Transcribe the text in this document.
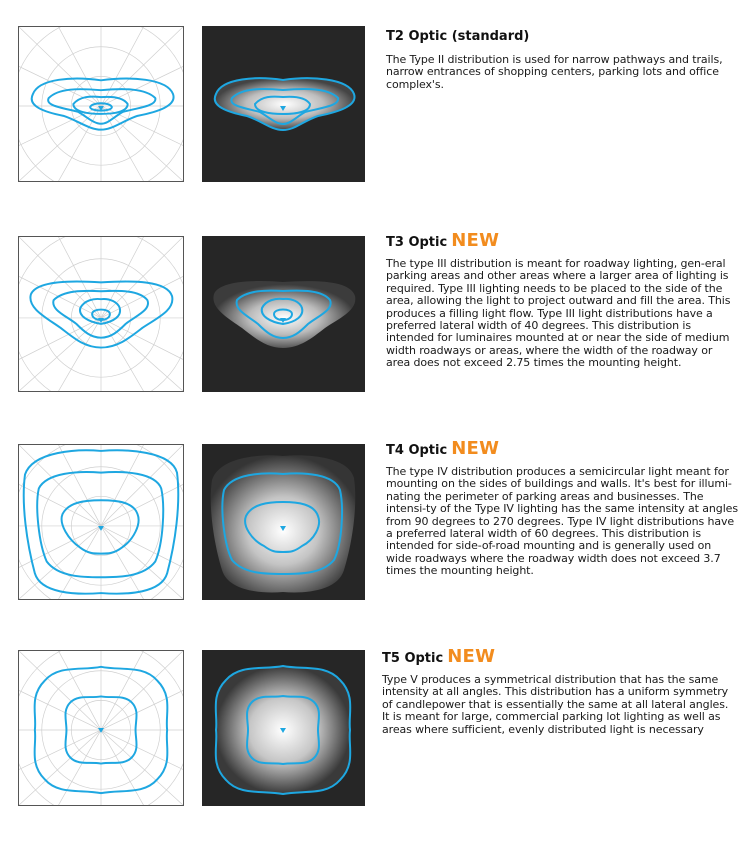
T2 Optic (standard)

The Type II distribution is used for narrow pathways and trails, narrow entrances of shopping centers, parking lots and office complex's.

T3 Optic NEW

The type III distribution is meant for roadway lighting, gen-eral parking areas and other areas where a larger area of lighting is required. Type III lighting needs to be placed to the side of the area, allowing the light to project outward and fill the area. This produces a filling light flow. Type III light distributions have a preferred lateral width of 40 degrees. This distribution is intended for luminaires mounted at or near the side of medium width roadways or areas, where the width of the roadway or area does not exceed 2.75 times the mounting height.

T4 Optic NEW

The type IV distribution produces a semicircular light meant for mounting on the sides of buildings and walls. It's best for illumi-nating the perimeter of parking areas and businesses. The intensi-ty of the Type IV lighting has the same intensity at angles from 90 degrees to 270 degrees. Type IV light distributions have a preferred lateral width of 60 degrees. This distribution is intended for side-of-road mounting and is generally used on wide roadways where the roadway width does not exceed 3.7 times the mounting height.

T5 Optic NEW

Type V produces a symmetrical distribution that has the same intensity at all angles. This distribution has a uniform symmetry of candlepower that is essentially the same at all lateral angles. It is meant for large, commercial parking lot lighting as well as areas where sufficient, evenly distributed light is necessary
